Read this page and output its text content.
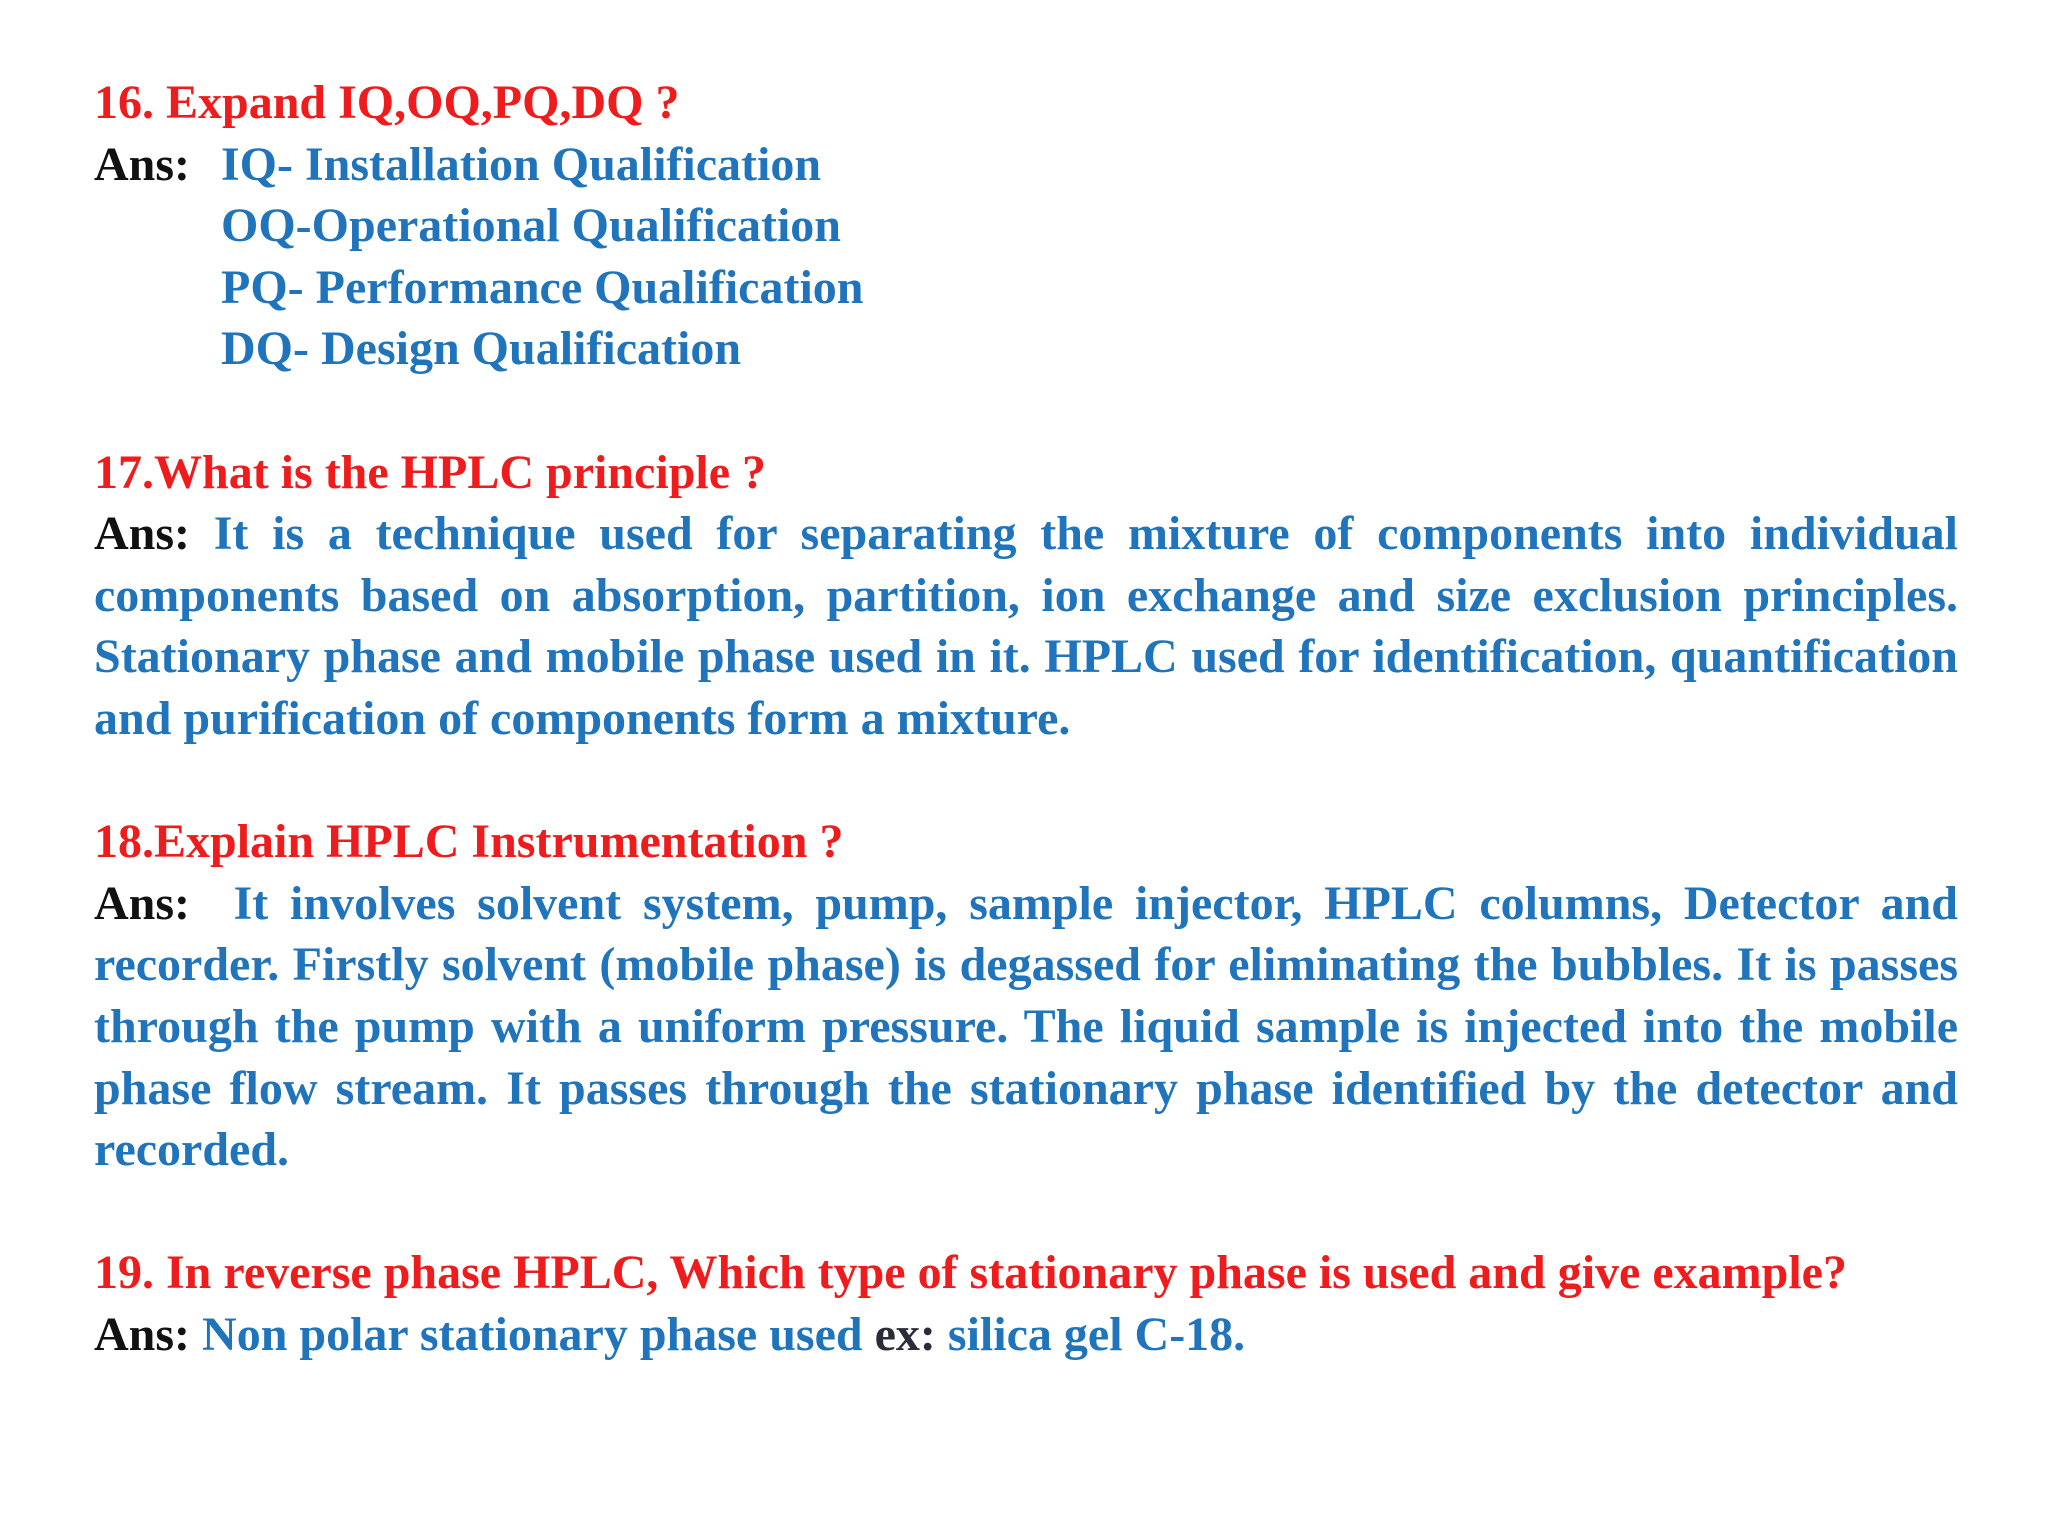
16. Expand IQ,OQ,PQ,DQ ?

Ans: IQ- Installation Qualification
OQ-Operational Qualification
PQ- Performance Qualification
DQ- Design Qualification

17.What is the HPLC principle ?

Ans: It is a technique used for separating the mixture of components into individual components based on absorption, partition, ion exchange and size exclusion principles. Stationary phase and mobile phase used in it. HPLC used for identification, quantification and purification of components form a mixture.

18.Explain HPLC Instrumentation ?

Ans: It involves solvent system, pump, sample injector, HPLC columns, Detector and recorder. Firstly solvent (mobile phase) is degassed for eliminating the bubbles. It is passes through the pump with a uniform pressure. The liquid sample is injected into the mobile phase flow stream. It passes through the stationary phase identified by the detector and recorded.

19. In reverse phase HPLC, Which type of stationary phase is used and give example?

Ans: Non polar stationary phase used ex: silica gel C-18.
